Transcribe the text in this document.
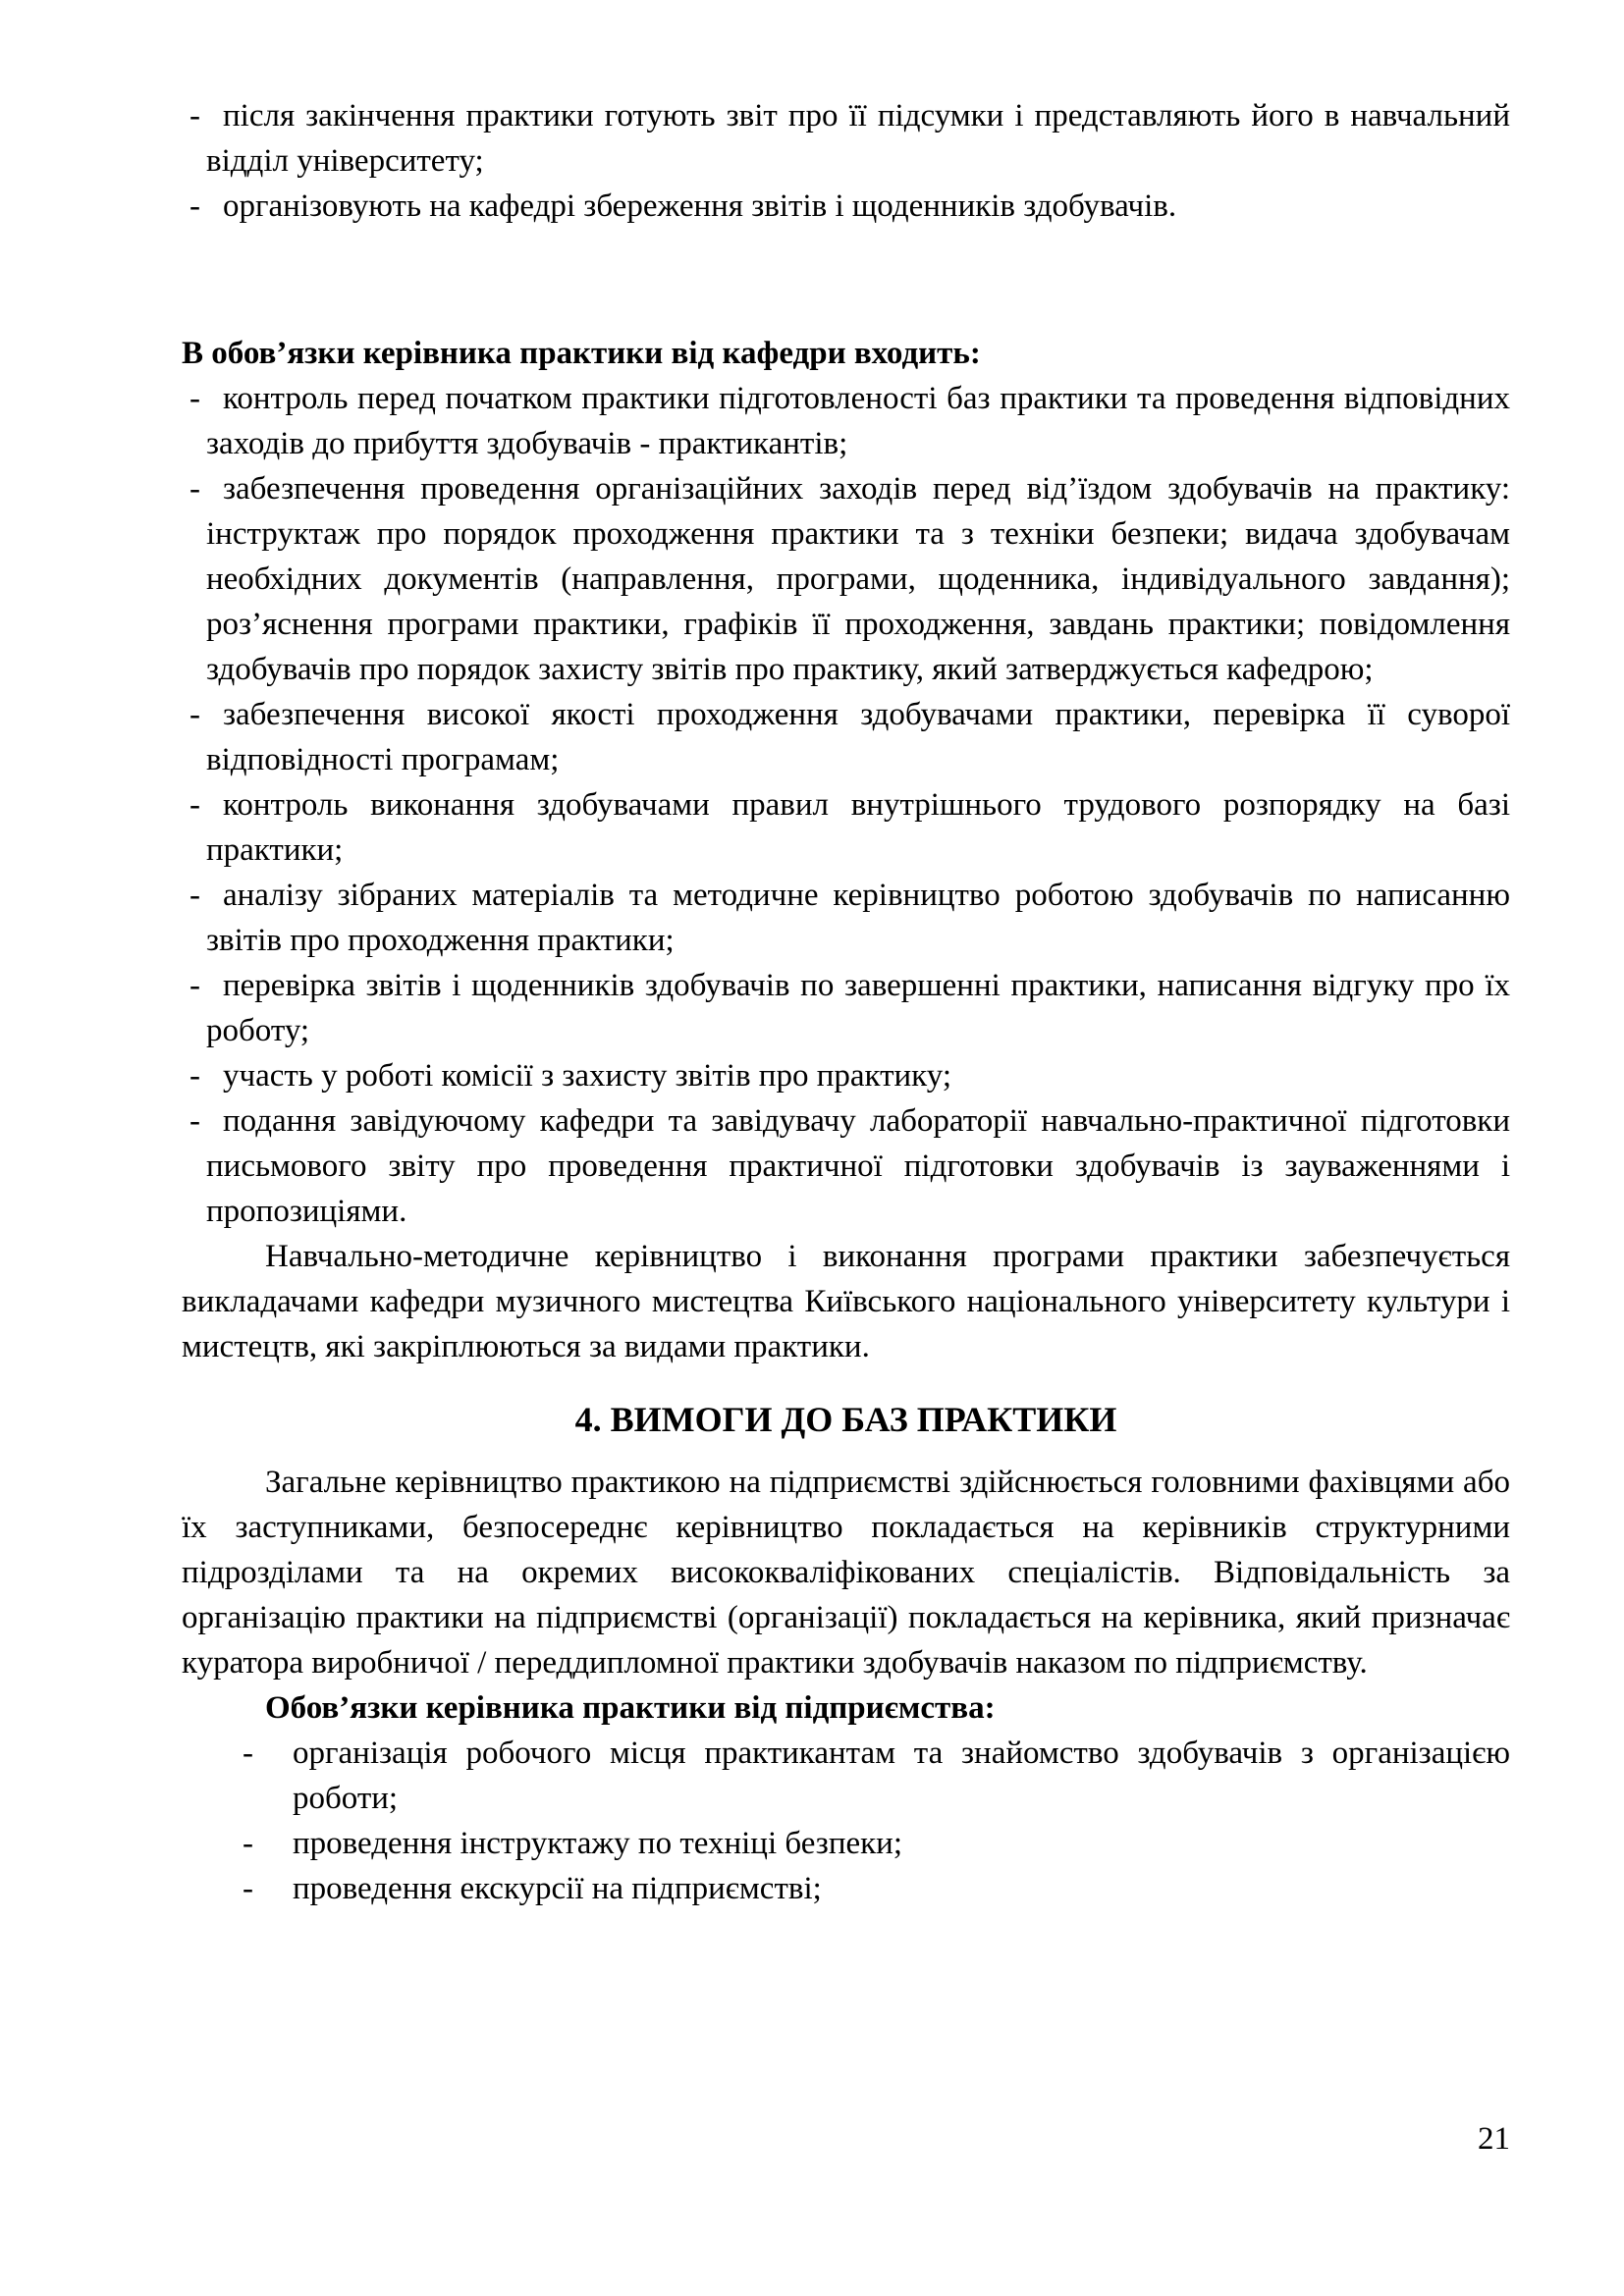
- після закінчення практики готують звіт про її підсумки і представляють його в навчальний відділ університету;
- організовують на кафедрі збереження звітів і щоденників здобувачів.

В обов’язки керівника практики від кафедри входить:

- контроль перед початком практики підготовленості баз практики та проведення відповідних заходів до прибуття здобувачів - практикантів;
- забезпечення проведення організаційних заходів перед від’їздом здобувачів на практику: інструктаж про порядок проходження практики та з техніки безпеки; видача здобувачам необхідних документів (направлення, програми, щоденника, індивідуального завдання); роз’яснення програми практики, графіків її проходження, завдань практики; повідомлення здобувачів про порядок захисту звітів про практику, який затверджується кафедрою;
- забезпечення високої якості проходження здобувачами практики, перевірка її суворої відповідності програмам;
- контроль виконання здобувачами правил внутрішнього трудового розпорядку на базі практики;
- аналізу зібраних матеріалів та методичне керівництво роботою здобувачів по написанню звітів про проходження практики;
- перевірка звітів і щоденників здобувачів по завершенні практики, написання відгуку про їх роботу;
- участь у роботі комісії з захисту звітів про практику;
- подання завідуючому кафедри та завідувачу лабораторії навчально-практичної підготовки письмового звіту про проведення практичної підготовки здобувачів із зауваженнями і пропозиціями.

Навчально-методичне керівництво і виконання програми практики забезпечується викладачами кафедри музичного мистецтва Київського національного університету культури і мистецтв, які закріплюються за видами практики.

4. ВИМОГИ ДО БАЗ ПРАКТИКИ

Загальне керівництво практикою на підприємстві здійснюється головними фахівцями або їх заступниками, безпосереднє керівництво покладається на керівників структурними підрозділами та на окремих висококваліфікованих спеціалістів. Відповідальність за організацію практики на підприємстві (організації) покладається на керівника, який призначає куратора виробничої / переддипломної практики здобувачів наказом по підприємству.

Обов’язки керівника практики від підприємства:

- організація робочого місця практикантам та знайомство здобувачів з організацією роботи;
- проведення інструктажу по техніці безпеки;
- проведення екскурсії на підприємстві;
21
